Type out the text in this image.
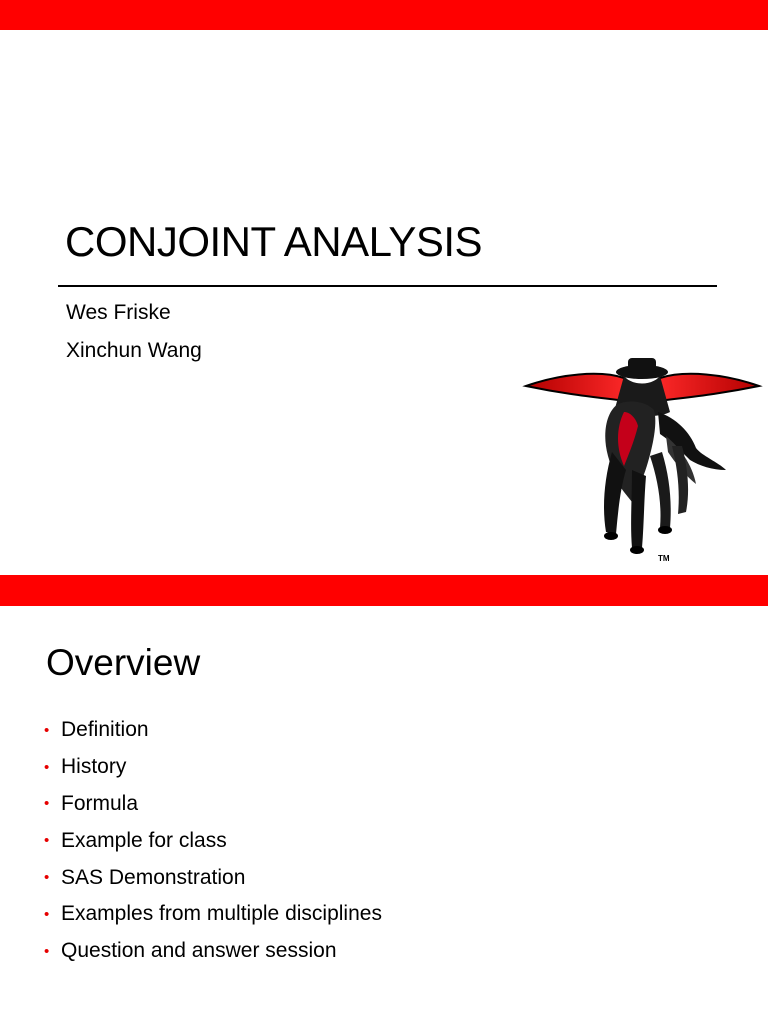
CONJOINT ANALYSIS
Wes Friske
Xinchun Wang
TM
Overview
• Definition
• History
• Formula
• Example for class
• SAS Demonstration
• Examples from multiple disciplines
• Question and answer session
